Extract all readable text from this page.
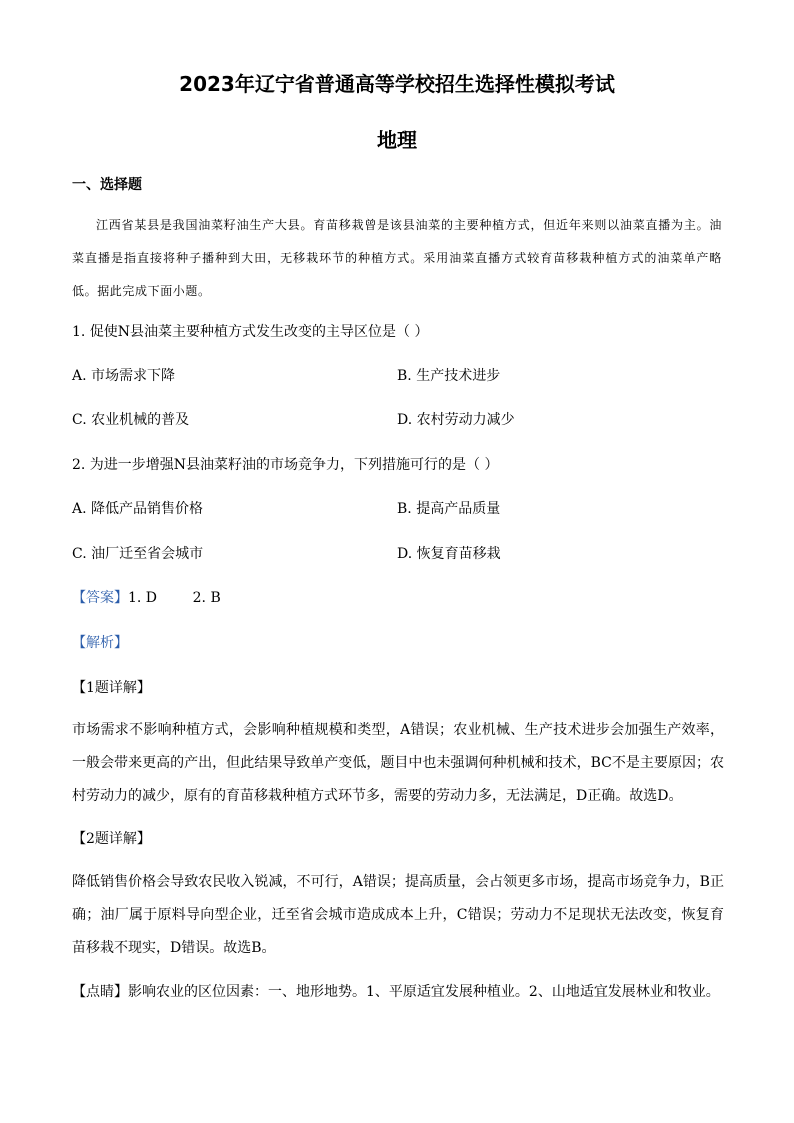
2023年辽宁省普通高等学校招生选择性模拟考试
地理

一、选择题

江西省某县是我国油菜籽油生产大县。育苗移栽曾是该县油菜的主要种植方式，但近年来则以油菜直播为主。油菜直播是指直接将种子播种到大田，无移栽环节的种植方式。采用油菜直播方式较育苗移栽种植方式的油菜单产略低。据此完成下面小题。

1. 促使N县油菜主要种植方式发生改变的主导区位是（ ）

A. 市场需求下降	B. 生产技术进步

C. 农业机械的普及	D. 农村劳动力减少

2. 为进一步增强N县油菜籽油的市场竞争力，下列措施可行的是（ ）

A. 降低产品销售价格	B. 提高产品质量

C. 油厂迁至省会城市	D. 恢复育苗移栽

【答案】1. D        2. B

【解析】

【1题详解】

市场需求不影响种植方式，会影响种植规模和类型，A错误；农业机械、生产技术进步会加强生产效率，一般会带来更高的产出，但此结果导致单产变低，题目中也未强调何种机械和技术，BC不是主要原因；农村劳动力的减少，原有的育苗移栽种植方式环节多，需要的劳动力多，无法满足，D正确。故选D。

【2题详解】

降低销售价格会导致农民收入锐减，不可行，A错误；提高质量，会占领更多市场，提高市场竞争力，B正确；油厂属于原料导向型企业，迁至省会城市造成成本上升，C错误；劳动力不足现状无法改变，恢复育苗移栽不现实，D错误。故选B。

【点睛】影响农业的区位因素：一、地形地势。1、平原适宜发展种植业。2、山地适宜发展林业和牧业。
